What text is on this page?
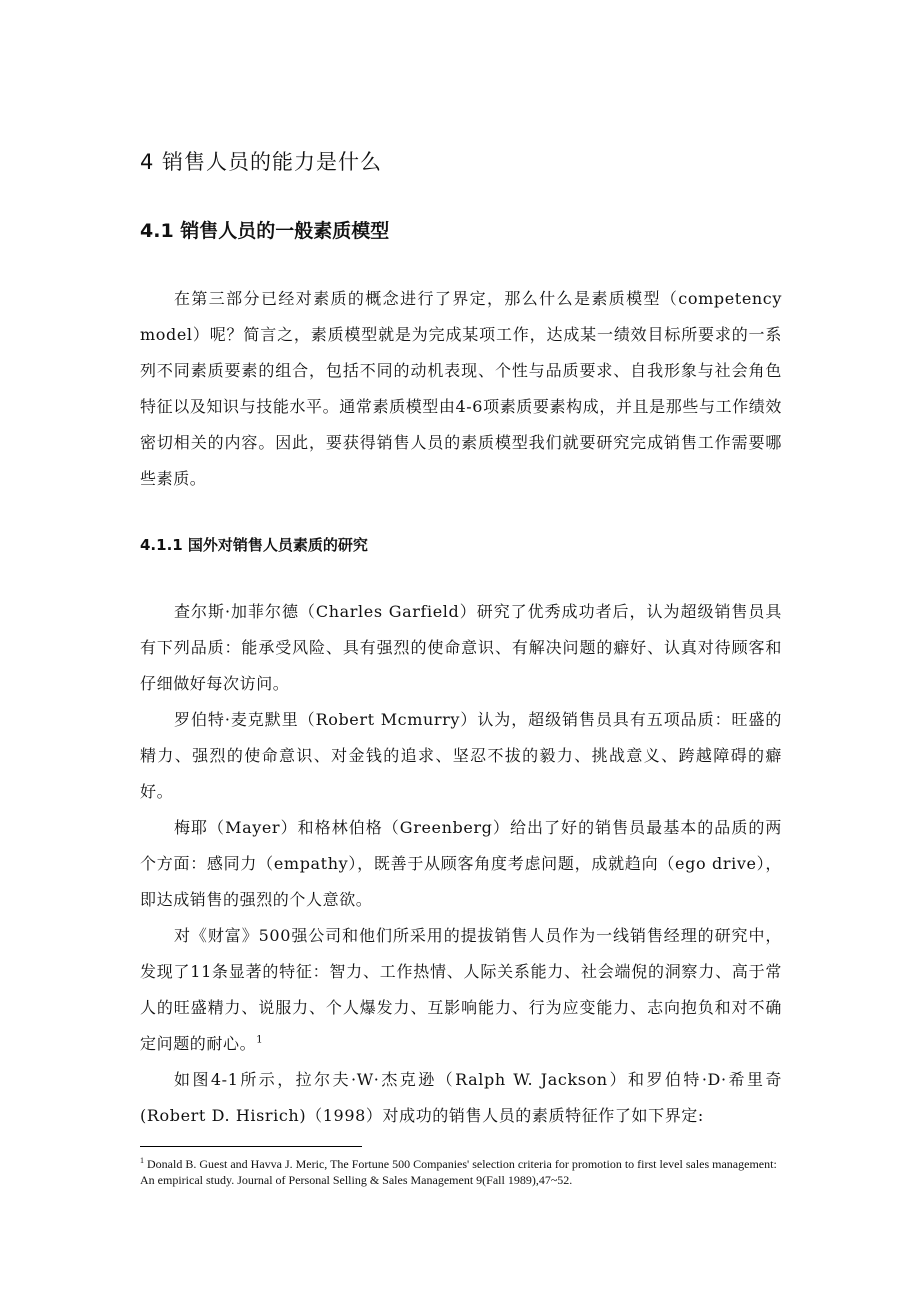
4 销售人员的能力是什么
4.1 销售人员的一般素质模型

在第三部分已经对素质的概念进行了界定，那么什么是素质模型（competency model）呢？简言之，素质模型就是为完成某项工作，达成某一绩效目标所要求的一系列不同素质要素的组合，包括不同的动机表现、个性与品质要求、自我形象与社会角色特征以及知识与技能水平。通常素质模型由4-6项素质要素构成，并且是那些与工作绩效密切相关的内容。因此，要获得销售人员的素质模型我们就要研究完成销售工作需要哪些素质。

4.1.1 国外对销售人员素质的研究

查尔斯·加菲尔德（Charles Garfield）研究了优秀成功者后，认为超级销售员具有下列品质：能承受风险、具有强烈的使命意识、有解决问题的癖好、认真对待顾客和仔细做好每次访问。

罗伯特·麦克默里（Robert Mcmurry）认为，超级销售员具有五项品质：旺盛的精力、强烈的使命意识、对金钱的追求、坚忍不拔的毅力、挑战意义、跨越障碍的癖好。

梅耶（Mayer）和格林伯格（Greenberg）给出了好的销售员最基本的品质的两个方面：感同力（empathy），既善于从顾客角度考虑问题，成就趋向（ego drive），即达成销售的强烈的个人意欲。

对《财富》500强公司和他们所采用的提拔销售人员作为一线销售经理的研究中，发现了11条显著的特征：智力、工作热情、人际关系能力、社会端倪的洞察力、高于常人的旺盛精力、说服力、个人爆发力、互影响能力、行为应变能力、志向抱负和对不确定问题的耐心。$^1$

如图4-1所示，拉尔夫·W·杰克逊（Ralph W. Jackson）和罗伯特·D·希里奇(Robert D. Hisrich)（1998）对成功的销售人员的素质特征作了如下界定:

$^1$ Donald B. Guest and Havva J. Meric, The Fortune 500 Companies' selection criteria for promotion to first level sales management: An empirical study. Journal of Personal Selling & Sales Management 9(Fall 1989),47~52.
